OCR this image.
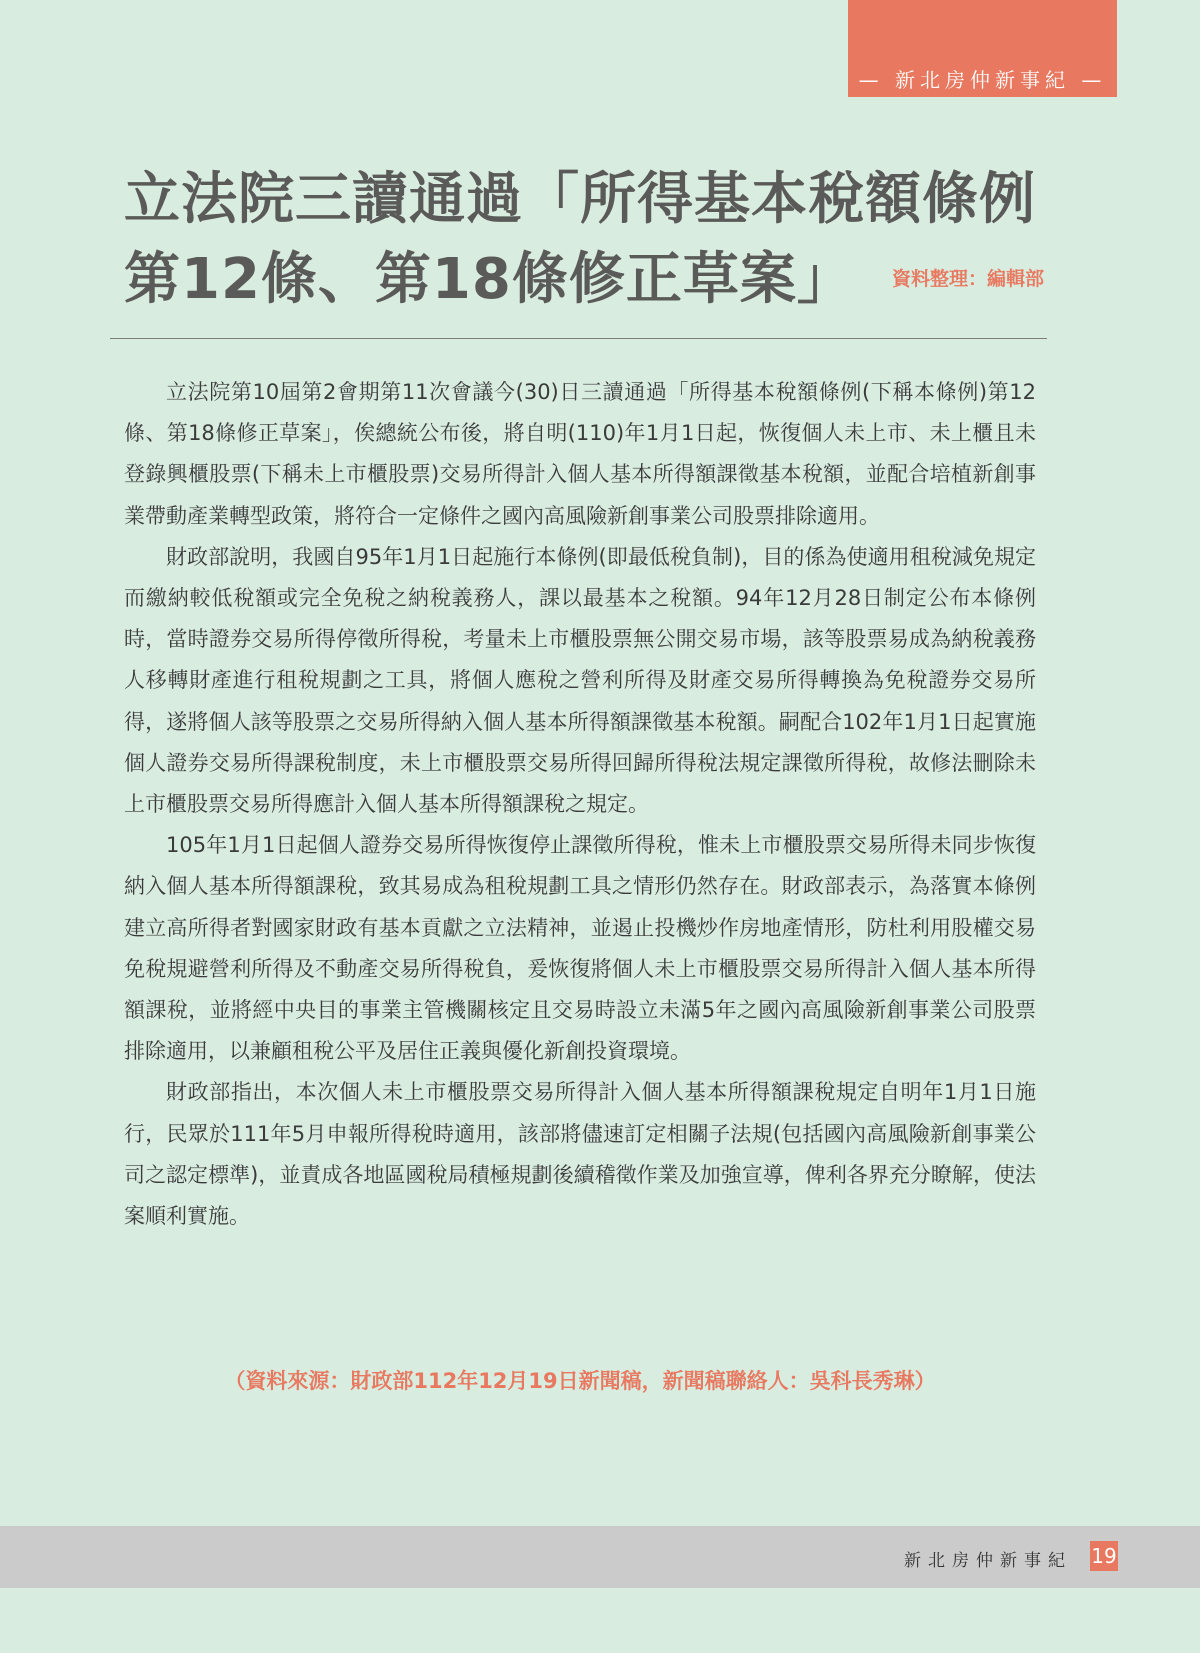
— 新北房仲新事紀 —
立法院三讀通過「所得基本稅額條例
第12條、第18條修正草案」	資料整理：編輯部

立法院第10屆第2會期第11次會議今(30)日三讀通過「所得基本稅額條例(下稱本條例)第12條、第18條修正草案」，俟總統公布後，將自明(110)年1月1日起，恢復個人未上市、未上櫃且未登錄興櫃股票(下稱未上市櫃股票)交易所得計入個人基本所得額課徵基本稅額，並配合培植新創事業帶動產業轉型政策，將符合一定條件之國內高風險新創事業公司股票排除適用。

財政部說明，我國自95年1月1日起施行本條例(即最低稅負制)，目的係為使適用租稅減免規定而繳納較低稅額或完全免稅之納稅義務人，課以最基本之稅額。94年12月28日制定公布本條例時，當時證券交易所得停徵所得稅，考量未上市櫃股票無公開交易市場，該等股票易成為納稅義務人移轉財產進行租稅規劃之工具，將個人應稅之營利所得及財產交易所得轉換為免稅證券交易所得，遂將個人該等股票之交易所得納入個人基本所得額課徵基本稅額。嗣配合102年1月1日起實施個人證券交易所得課稅制度，未上市櫃股票交易所得回歸所得稅法規定課徵所得稅，故修法刪除未上市櫃股票交易所得應計入個人基本所得額課稅之規定。

105年1月1日起個人證券交易所得恢復停止課徵所得稅，惟未上市櫃股票交易所得未同步恢復納入個人基本所得額課稅，致其易成為租稅規劃工具之情形仍然存在。財政部表示，為落實本條例建立高所得者對國家財政有基本貢獻之立法精神，並遏止投機炒作房地產情形，防杜利用股權交易免稅規避營利所得及不動產交易所得稅負，爰恢復將個人未上市櫃股票交易所得計入個人基本所得額課稅，並將經中央目的事業主管機關核定且交易時設立未滿5年之國內高風險新創事業公司股票排除適用，以兼顧租稅公平及居住正義與優化新創投資環境。

財政部指出，本次個人未上市櫃股票交易所得計入個人基本所得額課稅規定自明年1月1日施行，民眾於111年5月申報所得稅時適用，該部將儘速訂定相關子法規(包括國內高風險新創事業公司之認定標準)，並責成各地區國稅局積極規劃後續稽徵作業及加強宣導，俾利各界充分瞭解，使法案順利實施。

（資料來源：財政部112年12月19日新聞稿，新聞稿聯絡人：吳科長秀琳）
新北房仲新事紀 19
